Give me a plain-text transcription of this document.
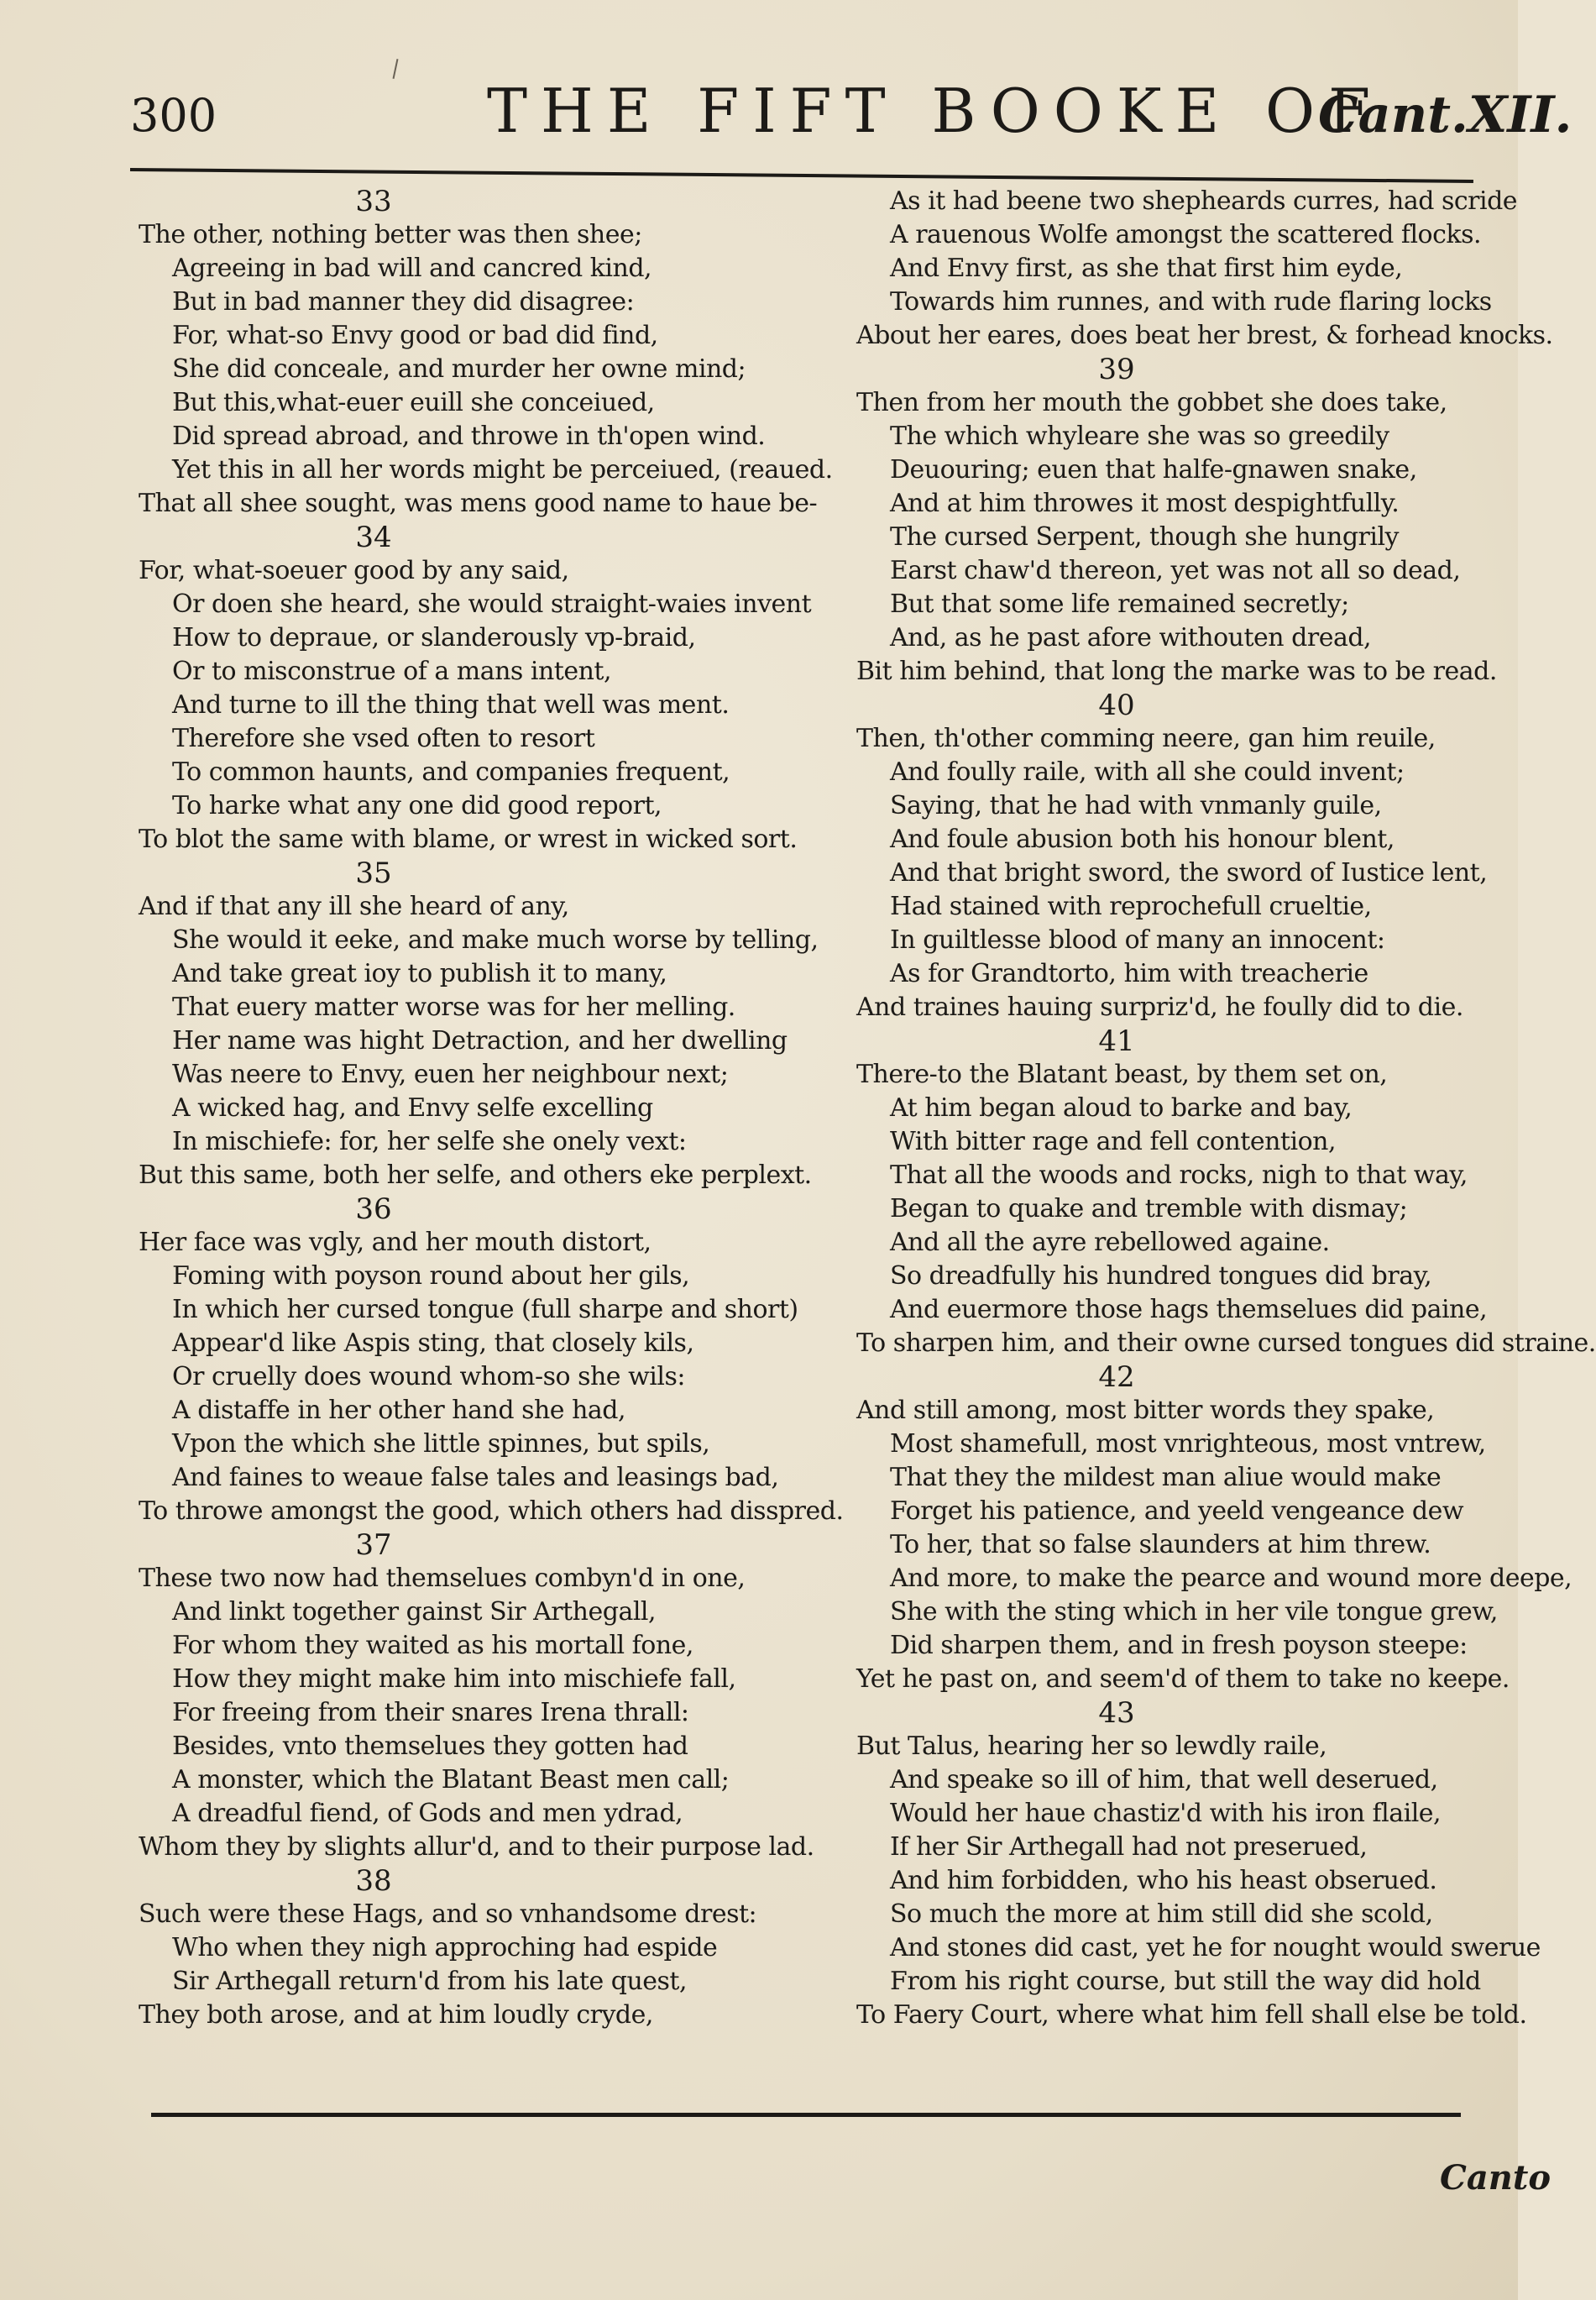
300	THE FIFT BOOKE OF
Cant.XII.
33
The other, nothing better was then shee;
Agreeing in bad will and cancred kind,
But in bad manner they did disagree:
For, what-so Envy good or bad did find,
She did conceale, and murder her owne mind;
But this,what-euer euill she conceiued,
Did spread abroad, and throwe in th'open wind.
Yet this in all her words might be perceiued, (reaued.
That all shee sought, was mens good name to haue be-
34
For, what-soeuer good by any said,
Or doen she heard, she would straight-waies invent
How to depraue, or slanderously vp-braid,
Or to misconstrue of a mans intent,
And turne to ill the thing that well was ment.
Therefore she vsed often to resort
To common haunts, and companies frequent,
To harke what any one did good report,
To blot the same with blame, or wrest in wicked sort.
35
And if that any ill she heard of any,
She would it eeke, and make much worse by telling,
And take great ioy to publish it to many,
That euery matter worse was for her melling.
Her name was hight Detraction, and her dwelling
Was neere to Envy, euen her neighbour next;
A wicked hag, and Envy selfe excelling
In mischiefe: for, her selfe she onely vext:
But this same, both her selfe, and others eke perplext.
36
Her face was vgly, and her mouth distort,
Foming with poyson round about her gils,
In which her cursed tongue (full sharpe and short)
Appear'd like Aspis sting, that closely kils,
Or cruelly does wound whom-so she wils:
A distaffe in her other hand she had,
Vpon the which she little spinnes, but spils,
And faines to weaue false tales and leasings bad,
To throwe amongst the good, which others had disspred.
37
These two now had themselues combyn'd in one,
And linkt together gainst Sir Arthegall,
For whom they waited as his mortall fone,
How they might make him into mischiefe fall,
For freeing from their snares Irena thrall:
Besides, vnto themselues they gotten had
A monster, which the Blatant Beast men call;
A dreadful fiend, of Gods and men ydrad,
Whom they by slights allur'd, and to their purpose lad.
38
Such were these Hags, and so vnhandsome drest:
Who when they nigh approching had espide
Sir Arthegall return'd from his late quest,
They both arose, and at him loudly cryde,
As it had beene two shepheards curres, had scride
A rauenous Wolfe amongst the scattered flocks.
And Envy first, as she that first him eyde,
Towards him runnes, and with rude flaring locks
About her eares, does beat her brest, & forhead knocks.
39
Then from her mouth the gobbet she does take,
The which whyleare she was so greedily
Deuouring; euen that halfe-gnawen snake,
And at him throwes it most despightfully.
The cursed Serpent, though she hungrily
Earst chaw'd thereon, yet was not all so dead,
But that some life remained secretly;
And, as he past afore withouten dread,
Bit him behind, that long the marke was to be read.
40
Then, th'other comming neere, gan him reuile,
And foully raile, with all she could invent;
Saying, that he had with vnmanly guile,
And foule abusion both his honour blent,
And that bright sword, the sword of Iustice lent,
Had stained with reprochefull crueltie,
In guiltlesse blood of many an innocent:
As for Grandtorto, him with treacherie
And traines hauing surpriz'd, he foully did to die.
41
There-to the Blatant beast, by them set on,
At him began aloud to barke and bay,
With bitter rage and fell contention,
That all the woods and rocks, nigh to that way,
Began to quake and tremble with dismay;
And all the ayre rebellowed againe.
So dreadfully his hundred tongues did bray,
And euermore those hags themselues did paine,
To sharpen him, and their owne cursed tongues did straine.
42
And still among, most bitter words they spake,
Most shamefull, most vnrighteous, most vntrew,
That they the mildest man aliue would make
Forget his patience, and yeeld vengeance dew
To her, that so false slaunders at him threw.
And more, to make the pearce and wound more deepe,
She with the sting which in her vile tongue grew,
Did sharpen them, and in fresh poyson steepe:
Yet he past on, and seem'd of them to take no keepe.
43
But Talus, hearing her so lewdly raile,
And speake so ill of him, that well deserued,
Would her haue chastiz'd with his iron flaile,
If her Sir Arthegall had not preserued,
And him forbidden, who his heast obserued.
So much the more at him still did she scold,
And stones did cast, yet he for nought would swerue
From his right course, but still the way did hold
To Faery Court, where what him fell shall else be told.
Canto
